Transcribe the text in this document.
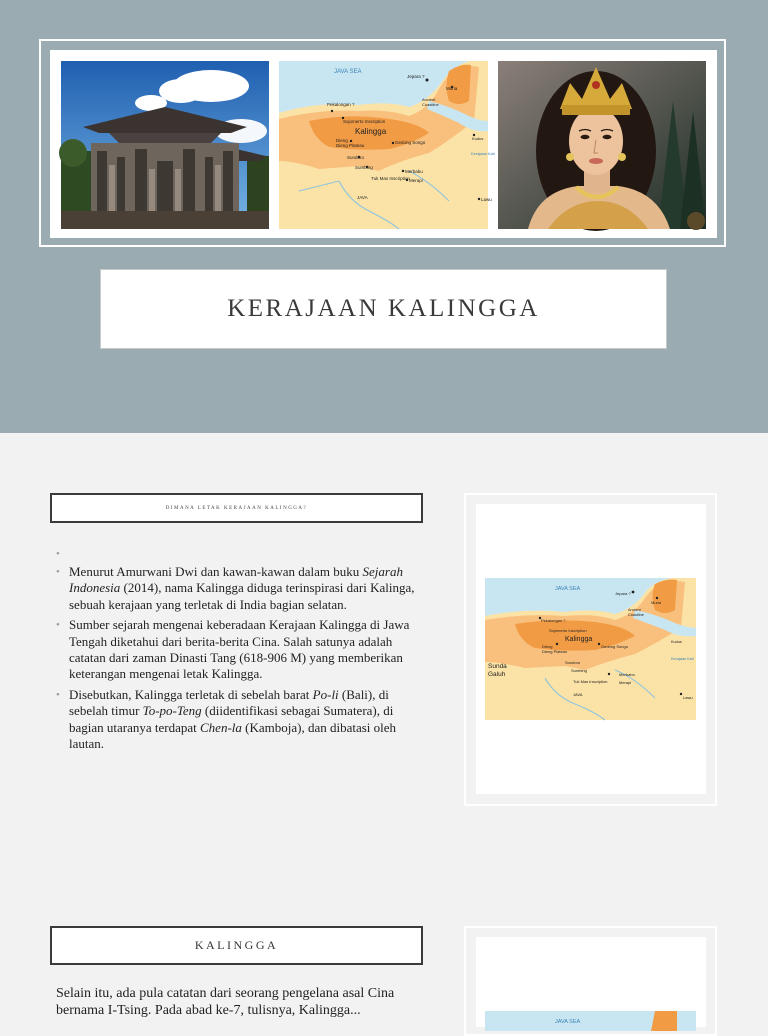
JAVA SEA
Jepara ?
Muria
Ancient
Coastline
Kudus
Pekalongan ?
Sojomerto Inscription
Kalingga
Dieng
Dieng Plateau
Gedong Songo
Sundoro
Sumbing
Merbabu
Tuk Mas Inscription Merapi
JAVA	Lawu
Kerajaan Kali
KERAJAAN KALINGGA
DIMANA LETAK KERAJAAN KALINGGA?
•
• Menurut Amurwani Dwi dan kawan-kawan dalam buku Sejarah Indonesia (2014), nama Kalingga diduga terinspirasi dari Kalinga, sebuah kerajaan yang terletak di India bagian selatan.
• Sumber sejarah mengenai keberadaan Kerajaan Kalingga di Jawa Tengah diketahui dari berita-berita Cina. Salah satunya adalah catatan dari zaman Dinasti Tang (618-906 M) yang memberikan keterangan mengenai letak Kalingga.
• Disebutkan, Kalingga terletak di sebelah barat Po-li (Bali), di sebelah timur To-po-Teng (diidentifikasi sebagai Sumatera), di bagian utaranya terdapat Chen-la (Kamboja), dan dibatasi oleh lautan.
JAVA SEA
Jepara ?
Muria
Ancient
Coastline
Kudus
Pekalongan ?
Sojomerto Inscription
Kalingga
Dieng
Dieng Plateau
Gedong Songo
Sundoro
Sumbing
Tuk Mas Inscription
Merbabu
Merapi
JAVA
Lawu
Kerajaan Kali
Sunda
Galuh
KALINGGA
JAVA SEA

Selain itu, ada pula catatan dari seorang pengelana asal Cina bernama I-Tsing. Pada abad ke-7, tulisnya, Kalingga...
